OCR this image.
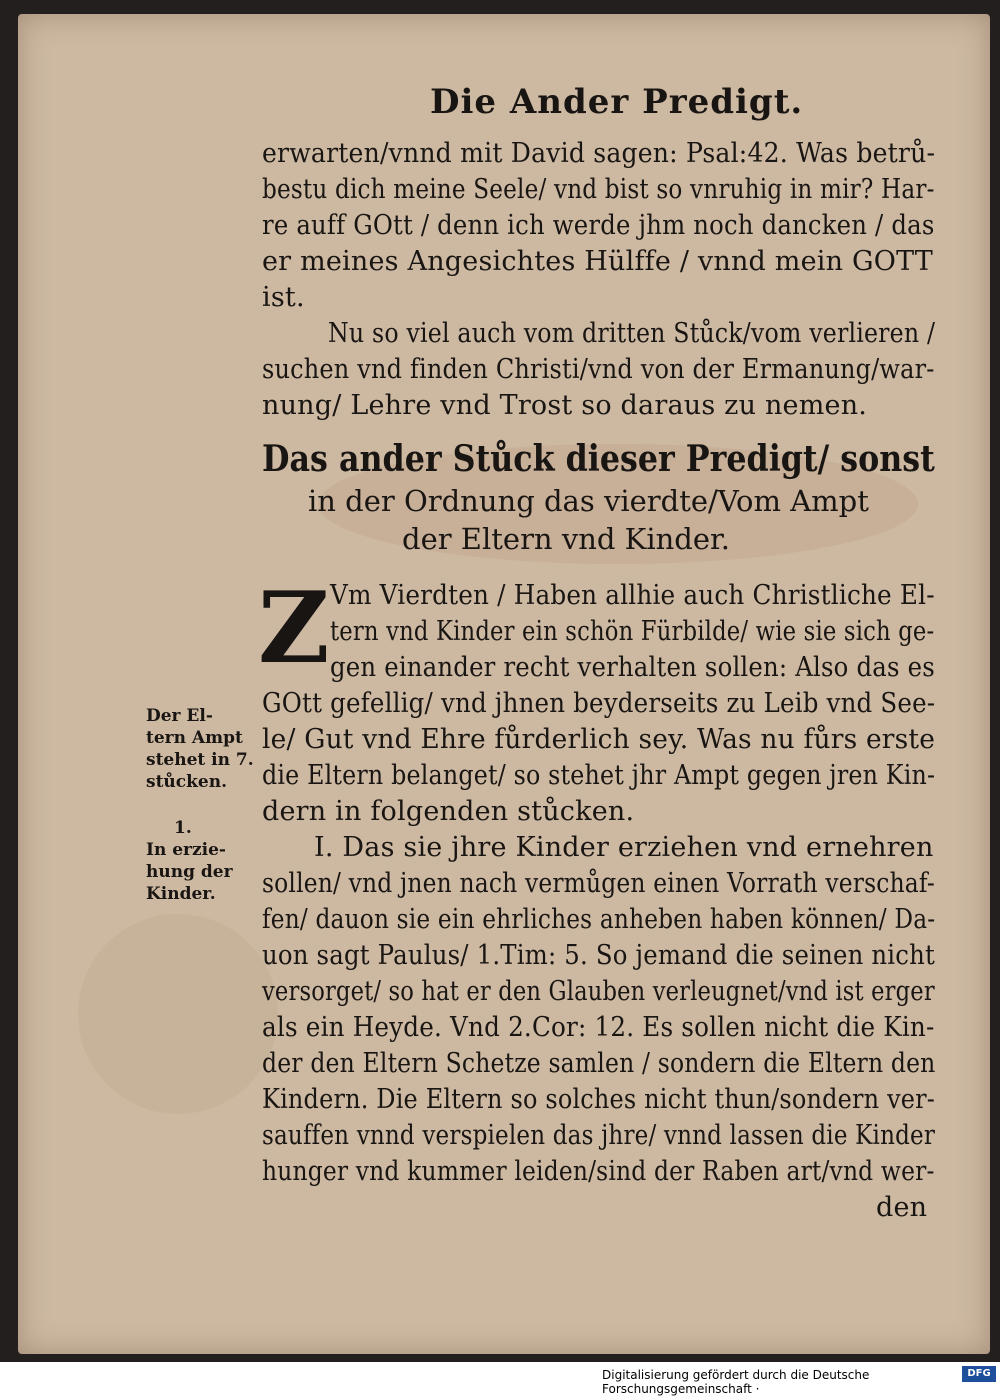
Die Ander Predigt.
erwarten/vnnd mit David sagen: Psal:42. Was betrů-
bestu dich meine Seele/ vnd bist so vnruhig in mir? Har-
re auff GOtt / denn ich werde jhm noch dancken / das
er meines Angesichtes Hülffe / vnnd mein GOTT
ist.
Nu so viel auch vom dritten Stůck/vom verlieren /
suchen vnd finden Christi/vnd von der Ermanung/war-
nung/ Lehre vnd Trost so daraus zu nemen.
Das ander Stůck dieser Predigt/ sonst
in der Ordnung das vierdte/Vom Ampt
der Eltern vnd Kinder.
Z Vm Vierdten / Haben allhie auch Christliche El-
tern vnd Kinder ein schön Fürbilde/ wie sie sich ge-
gen einander recht verhalten sollen: Also das es
GOtt gefellig/ vnd jhnen beyderseits zu Leib vnd See-
le/ Gut vnd Ehre fůrderlich sey. Was nu fůrs erste
die Eltern belanget/ so stehet jhr Ampt gegen jren Kin-
dern in folgenden stůcken.
I. Das sie jhre Kinder erziehen vnd ernehren
sollen/ vnd jnen nach vermůgen einen Vorrath verschaf-
fen/ dauon sie ein ehrliches anheben haben können/ Da-
uon sagt Paulus/ 1.Tim: 5. So jemand die seinen nicht
versorget/ so hat er den Glauben verleugnet/vnd ist erger
als ein Heyde. Vnd 2.Cor: 12. Es sollen nicht die Kin-
der den Eltern Schetze samlen / sondern die Eltern den
Kindern. Die Eltern so solches nicht thun/sondern ver-
sauffen vnnd verspielen das jhre/ vnnd lassen die Kinder
hunger vnd kummer leiden/sind der Raben art/vnd wer-
den
Der El-
tern Ampt
stehet in 7.
stůcken.
1.
In erzie-
hung der
Kinder.
Digitalisierung gefördert durch die Deutsche Forschungsgemeinschaft ·
DFG
